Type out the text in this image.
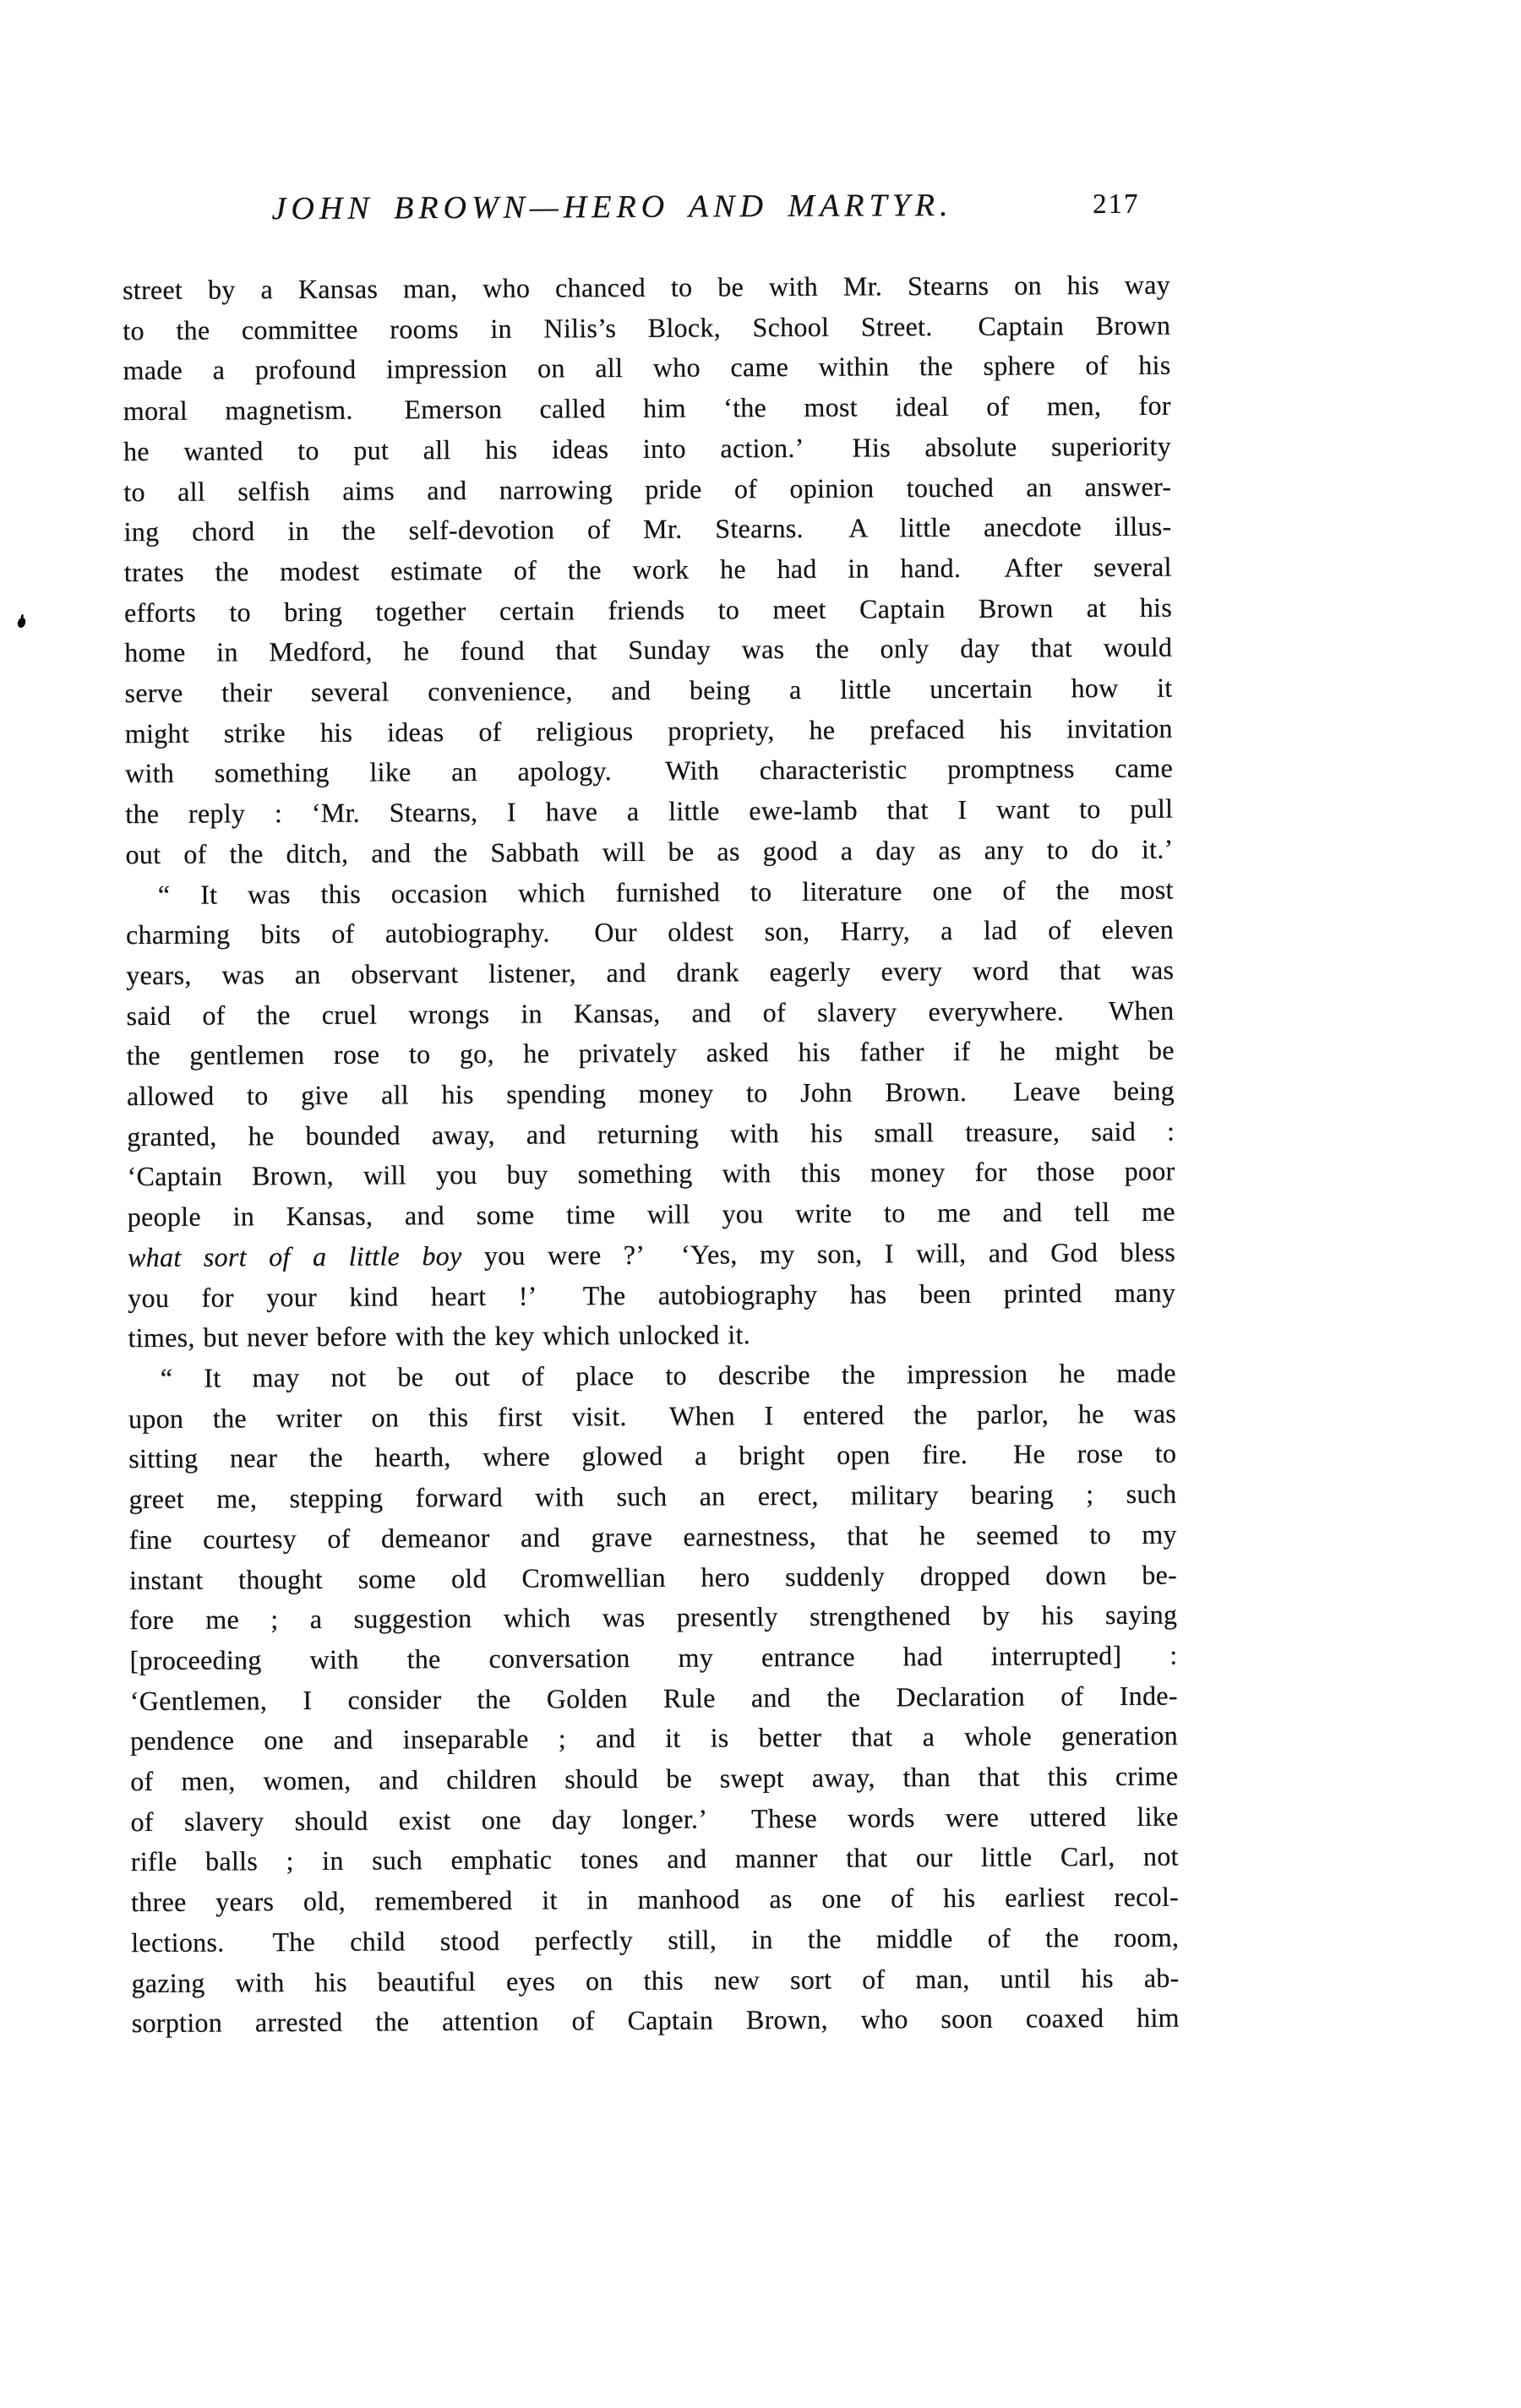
JOHN BROWN—HERO AND MARTYR.	217
street by a Kansas man, who chanced to be with Mr. Stearns on his way
to the committee rooms in Nilis’s Block, School Street.  Captain Brown
made a profound impression on all who came within the sphere of his
moral magnetism.  Emerson called him ‘the most ideal of men, for
he wanted to put all his ideas into action.’  His absolute superiority
to all selfish aims and narrowing pride of opinion touched an answer-
ing chord in the self-devotion of Mr. Stearns.  A little anecdote illus-
trates the modest estimate of the work he had in hand.  After several
efforts to bring together certain friends to meet Captain Brown at his
home in Medford, he found that Sunday was the only day that would
serve their several convenience, and being a little uncertain how it
might strike his ideas of religious propriety, he prefaced his invitation
with something like an apology.  With characteristic promptness came
the reply : ‘Mr. Stearns, I have a little ewe-lamb that I want to pull
out of the ditch, and the Sabbath will be as good a day as any to do it.’
“ It was this occasion which furnished to literature one of the most
charming bits of autobiography.  Our oldest son, Harry, a lad of eleven
years, was an observant listener, and drank eagerly every word that was
said of the cruel wrongs in Kansas, and of slavery everywhere.  When
the gentlemen rose to go, he privately asked his father if he might be
allowed to give all his spending money to John Brown.  Leave being
granted, he bounded away, and returning with his small treasure, said :
‘Captain Brown, will you buy something with this money for those poor
people in Kansas, and some time will you write to me and tell me
what sort of a little boy you were ?’  ‘Yes, my son, I will, and God bless
you for your kind heart !’  The autobiography has been printed many
times, but never before with the key which unlocked it.
“ It may not be out of place to describe the impression he made
upon the writer on this first visit.  When I entered the parlor, he was
sitting near the hearth, where glowed a bright open fire.  He rose to
greet me, stepping forward with such an erect, military bearing ; such
fine courtesy of demeanor and grave earnestness, that he seemed to my
instant thought some old Cromwellian hero suddenly dropped down be-
fore me ; a suggestion which was presently strengthened by his saying
[proceeding with the conversation my entrance had interrupted] :
‘Gentlemen, I consider the Golden Rule and the Declaration of Inde-
pendence one and inseparable ; and it is better that a whole generation
of men, women, and children should be swept away, than that this crime
of slavery should exist one day longer.’  These words were uttered like
rifle balls ; in such emphatic tones and manner that our little Carl, not
three years old, remembered it in manhood as one of his earliest recol-
lections.  The child stood perfectly still, in the middle of the room,
gazing with his beautiful eyes on this new sort of man, until his ab-
sorption arrested the attention of Captain Brown, who soon coaxed him
